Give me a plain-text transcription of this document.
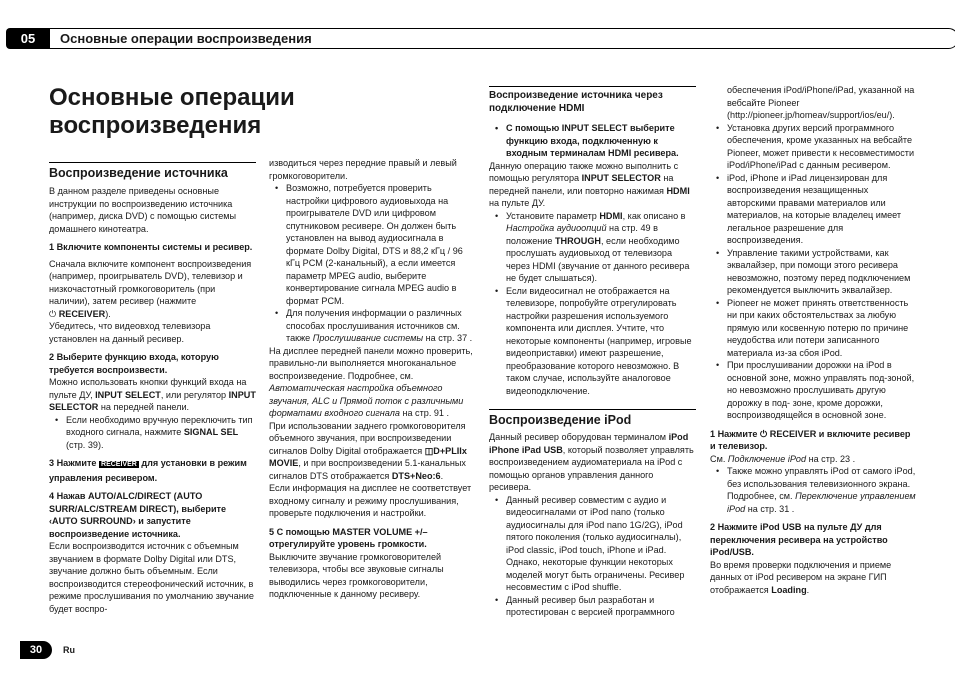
05	Основные операции воспроизведения
Основные операции
воспроизведения
Воспроизведение источника

В данном разделе приведены основные инструкции по воспроизведению источника (например, диска DVD) с помощью системы домашнего кинотеатра.

1 Включите компоненты системы и ресивер.

Сначала включите компонент воспроизведения (например, проигрыватель DVD), телевизор и низкочастотный громкоговоритель (при наличии), затем ресивер (нажмите
⏻ RECEIVER).

Убедитесь, что видеовход телевизора установлен на данный ресивер.

2 Выберите функцию входа, которую требуется воспроизвести.

Можно использовать кнопки функций входа на пульте ДУ, INPUT SELECT, или регулятор INPUT SELECTOR на передней панели.

• Если необходимо вручную переключить тип входного сигнала, нажмите SIGNAL SEL (стр. 39).

3 Нажмите RECEIVER для установки в режим управления ресивером.

4 Нажав AUTO/ALC/DIRECT (AUTO SURR/ALC/STREAM DIRECT), выберите ‹AUTO SURROUND› и запустите воспроизведение источника.

Если воспроизводится источник с объемным звучанием в формате Dolby Digital или DTS, звучание должно быть объемным. Если воспроизводится стереофонический источник, в режиме прослушивания по умолчанию звучание будет воспро-

изводиться через передние правый и левый громкоговорители.

• Возможно, потребуется проверить настройки цифрового аудиовыхода на проигрывателе DVD или цифровом спутниковом ресивере. Он должен быть установлен на вывод аудиосигнала в формате Dolby Digital, DTS и 88,2 кГц / 96 кГц PCM (2-канальный), а если имеется параметр MPEG audio, выберите конвертирование сигнала MPEG audio в формат PCM.
• Для получения информации о различных способах прослушивания источников см. также Прослушивание системы на стр. 37 .

На дисплее передней панели можно проверить, правильно-ли выполняется многоканальное воспроизведение. Подробнее, см. Автоматическая настройка объемного звучания, ALC и Прямой поток с различными форматами входного сигнала на стр. 91 .

При использовании заднего громкоговорителя объемного звучания, при воспроизведении сигналов Dolby Digital отображается ◫D+PLIIx MOVIE, и при воспроизведении 5.1-канальных сигналов DTS отображается DTS+Neo:6.

Если информация на дисплее не соответствует входному сигналу и режиму прослушивания, проверьте подключения и настройки.

5 С помощью MASTER VOLUME +/– отрегулируйте уровень громкости.

Выключите звучание громкоговорителей телевизора, чтобы все звуковые сигналы выводились через громкоговорители, подключенные к данному ресиверу.

Воспроизведение источника через подключение HDMI
• С помощью INPUT SELECT выберите функцию входа, подключенную к входным терминалам HDMI ресивера.

Данную операцию также можно выполнить с помощью регулятора INPUT SELECTOR на передней панели, или повторно нажимая HDMI на пульте ДУ.

• Установите параметр HDMI, как описано в Настройка аудиоопций на стр. 49 в положение THROUGH, если необходимо прослушать аудиовыход от телевизора через HDMI (звучание от данного ресивера не будет слышаться).
• Если видеосигнал не отображается на телевизоре, попробуйте отрегулировать настройки разрешения используемого компонента или дисплея. Учтите, что некоторые компоненты (например, игровые видеоприставки) имеют разрешение, преобразование которого невозможно. В таком случае, используйте аналоговое видеоподключение.
Воспроизведение iPod

Данный ресивер оборудован терминалом iPod iPhone iPad USB, который позволяет управлять воспроизведением аудиоматериала на iPod с помощью органов управления данного ресивера.

• Данный ресивер совместим с аудио и видеосигналами от iPod nano (только аудиосигналы для iPod nano 1G/2G), iPod пятого поколения (только аудиосигналы), iPod classic, iPod touch, iPhone и iPad. Однако, некоторые функции некоторых моделей могут быть ограничены. Ресивер несовместим с iPod shuffle.
• Данный ресивер был разработан и протестирован с версией программного

обеспечения iPod/iPhone/iPad, указанной на вебсайте Pioneer (http://pioneer.jp/homeav/support/ios/eu/).

• Установка других версий программного обеспечения, кроме указанных на вебсайте Pioneer, может привести к несовместимости iPod/iPhone/iPad с данным ресивером.
• iPod, iPhone и iPad лицензирован для воспроизведения незащищенных авторскими правами материалов или материалов, на которые владелец имеет легальное разрешение для воспроизведения.
• Управление такими устройствами, как эквалайзер, при помощи этого ресивера невозможно, поэтому перед подключением рекомендуется выключить эквалайзер.
• Pioneer не может принять ответственность ни при каких обстоятельствах за любую прямую или косвенную потерю по причине неудобства или потери записанного материала из-за сбоя iPod.
• При прослушивании дорожки на iPod в основной зоне, можно управлять под-зоной, но невозможно прослушивать другую дорожку в под- зоне, кроме дорожки, воспроизводящейся в основной зоне.

1 Нажмите ⏻ RECEIVER и включите ресивер и телевизор.

См. Подключение iPod на стр. 23 .

• Также можно управлять iPod от самого iPod, без использования телевизионного экрана. Подробнее, см. Переключение управлением iPod на стр. 31 .

2 Нажмите iPod USB на пульте ДУ для переключения ресивера на устройство iPod/USB.

Во время проверки подключения и приеме данных от iPod ресивером на экране ГИП отображается Loading.

30	Ru
